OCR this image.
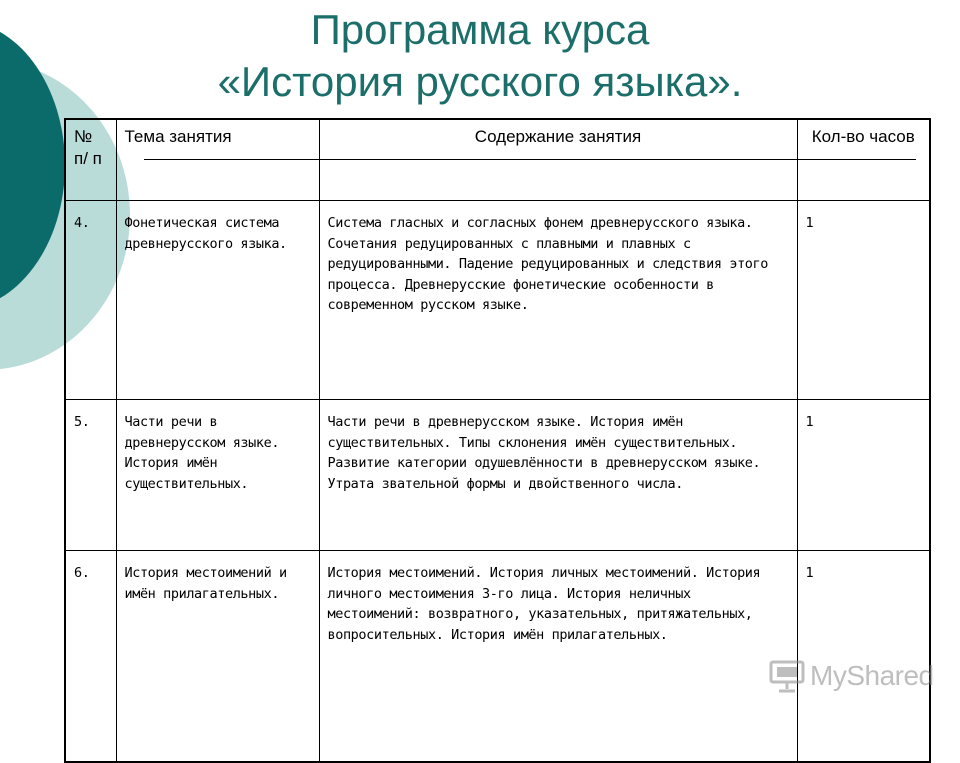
Программа курса
«История русского языка».
№ п/ п	Тема занятия	Содержание занятия	Кол-во часов
4.	Фонетическая система древнерусского языка.	Система гласных и согласных фонем древнерусского языка. Сочетания редуцированных с плавными и плавных с редуцированными. Падение редуцированных и следствия этого процесса. Древнерусские фонетические особенности в современном русском языке.	1
5.	Части речи в древнерусском языке. История имён существительных.	Части речи в древнерусском языке. История имён существительных. Типы склонения имён существительных. Развитие категории одушевлённости в древнерусском языке. Утрата звательной формы и двойственного числа.	1
6.	История местоимений и имён прилагательных.	История местоимений. История личных местоимений. История личного местоимения 3-го лица. История неличных местоимений: возвратного, указательных, притяжательных, вопросительных. История имён прилагательных.	1
MyShared
